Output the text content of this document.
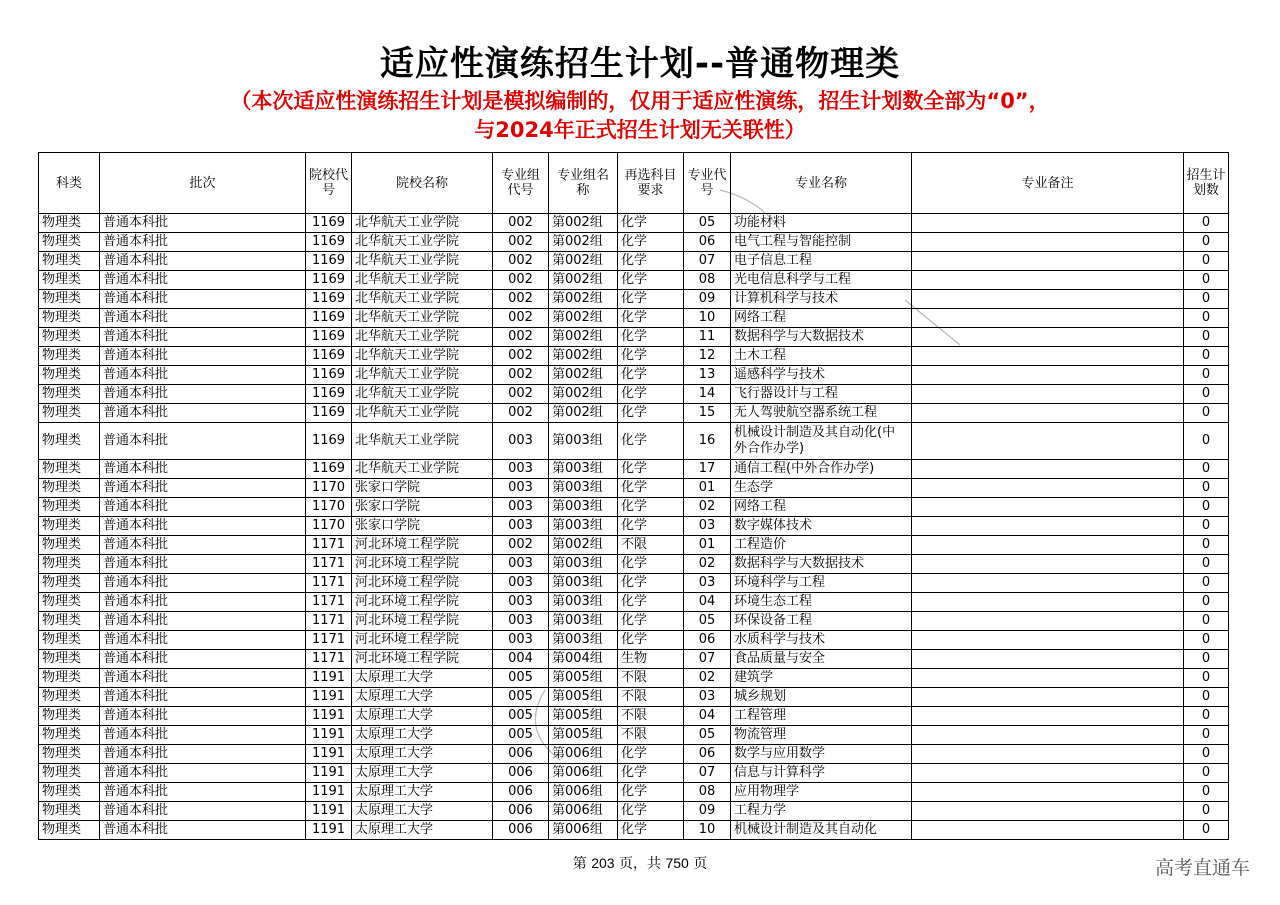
适应性演练招生计划--普通物理类
（本次适应性演练招生计划是模拟编制的，仅用于适应性演练，招生计划数全部为“0”，
与2024年正式招生计划无关联性）
科类	批次	院校代号	院校名称	专业组代号	专业组名称	再选科目要求	专业代号	专业名称	专业备注	招生计划数
物理类	普通本科批	1169	北华航天工业学院	002	第002组	化学	05	功能材料		0
物理类	普通本科批	1169	北华航天工业学院	002	第002组	化学	06	电气工程与智能控制		0
物理类	普通本科批	1169	北华航天工业学院	002	第002组	化学	07	电子信息工程		0
物理类	普通本科批	1169	北华航天工业学院	002	第002组	化学	08	光电信息科学与工程		0
物理类	普通本科批	1169	北华航天工业学院	002	第002组	化学	09	计算机科学与技术		0
物理类	普通本科批	1169	北华航天工业学院	002	第002组	化学	10	网络工程		0
物理类	普通本科批	1169	北华航天工业学院	002	第002组	化学	11	数据科学与大数据技术		0
物理类	普通本科批	1169	北华航天工业学院	002	第002组	化学	12	土木工程		0
物理类	普通本科批	1169	北华航天工业学院	002	第002组	化学	13	遥感科学与技术		0
物理类	普通本科批	1169	北华航天工业学院	002	第002组	化学	14	飞行器设计与工程		0
物理类	普通本科批	1169	北华航天工业学院	002	第002组	化学	15	无人驾驶航空器系统工程		0
物理类	普通本科批	1169	北华航天工业学院	003	第003组	化学	16	机械设计制造及其自动化(中外合作办学)		0
物理类	普通本科批	1169	北华航天工业学院	003	第003组	化学	17	通信工程(中外合作办学)		0
物理类	普通本科批	1170	张家口学院	003	第003组	化学	01	生态学		0
物理类	普通本科批	1170	张家口学院	003	第003组	化学	02	网络工程		0
物理类	普通本科批	1170	张家口学院	003	第003组	化学	03	数字媒体技术		0
物理类	普通本科批	1171	河北环境工程学院	002	第002组	不限	01	工程造价		0
物理类	普通本科批	1171	河北环境工程学院	003	第003组	化学	02	数据科学与大数据技术		0
物理类	普通本科批	1171	河北环境工程学院	003	第003组	化学	03	环境科学与工程		0
物理类	普通本科批	1171	河北环境工程学院	003	第003组	化学	04	环境生态工程		0
物理类	普通本科批	1171	河北环境工程学院	003	第003组	化学	05	环保设备工程		0
物理类	普通本科批	1171	河北环境工程学院	003	第003组	化学	06	水质科学与技术		0
物理类	普通本科批	1171	河北环境工程学院	004	第004组	生物	07	食品质量与安全		0
物理类	普通本科批	1191	太原理工大学	005	第005组	不限	02	建筑学		0
物理类	普通本科批	1191	太原理工大学	005	第005组	不限	03	城乡规划		0
物理类	普通本科批	1191	太原理工大学	005	第005组	不限	04	工程管理		0
物理类	普通本科批	1191	太原理工大学	005	第005组	不限	05	物流管理		0
物理类	普通本科批	1191	太原理工大学	006	第006组	化学	06	数学与应用数学		0
物理类	普通本科批	1191	太原理工大学	006	第006组	化学	07	信息与计算科学		0
物理类	普通本科批	1191	太原理工大学	006	第006组	化学	08	应用物理学		0
物理类	普通本科批	1191	太原理工大学	006	第006组	化学	09	工程力学		0
物理类	普通本科批	1191	太原理工大学	006	第006组	化学	10	机械设计制造及其自动化		0
第 203 页，共 750 页	高考直通车
